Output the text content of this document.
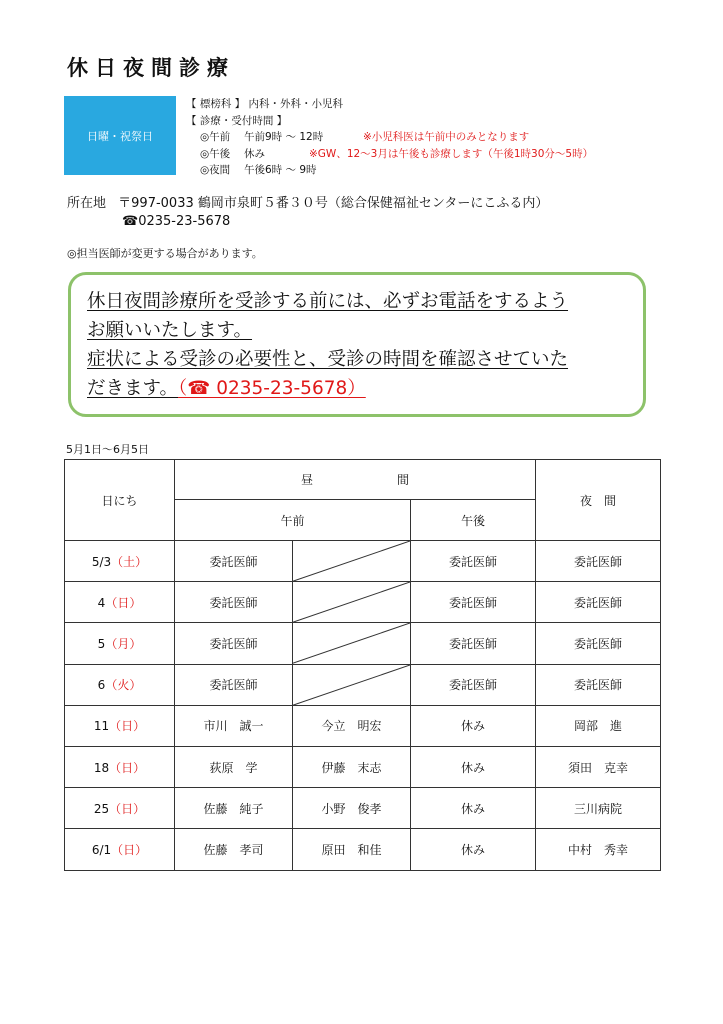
休日夜間診療
日曜・祝祭日
【 標榜科 】 内科・外科・小児科
【 診療・受付時間 】
◎午前 午前9時 ～ 12時	※小児科医は午前中のみとなります
◎午後 休み	※GW、12～3月は午後も診療します（午後1時30分～5時）
◎夜間 午後6時 ～ 9時
所在地 〒997-0033 鶴岡市泉町５番３０号（総合保健福祉センターにこふる内）
☎0235-23-5678
◎担当医師が変更する場合があります。
休日夜間診療所を受診する前には、必ずお電話をするよう
お願いいたします。
症状による受診の必要性と、受診の時間を確認させていた
だきます。（☎ 0235-23-5678）
5月1日～6月5日
日にち	昼　　　　　　　間			夜　間
	午前		午後	
5/3（土）	委託医師		委託医師	委託医師
4（日）	委託医師		委託医師	委託医師
5（月）	委託医師		委託医師	委託医師
6（火）	委託医師		委託医師	委託医師
11（日）	市川　誠一	今立　明宏	休み	岡部　進
18（日）	荻原　学	伊藤　末志	休み	須田　克幸
25（日）	佐藤　純子	小野　俊孝	休み	三川病院
6/1（日）	佐藤　孝司	原田　和佳	休み	中村　秀幸
